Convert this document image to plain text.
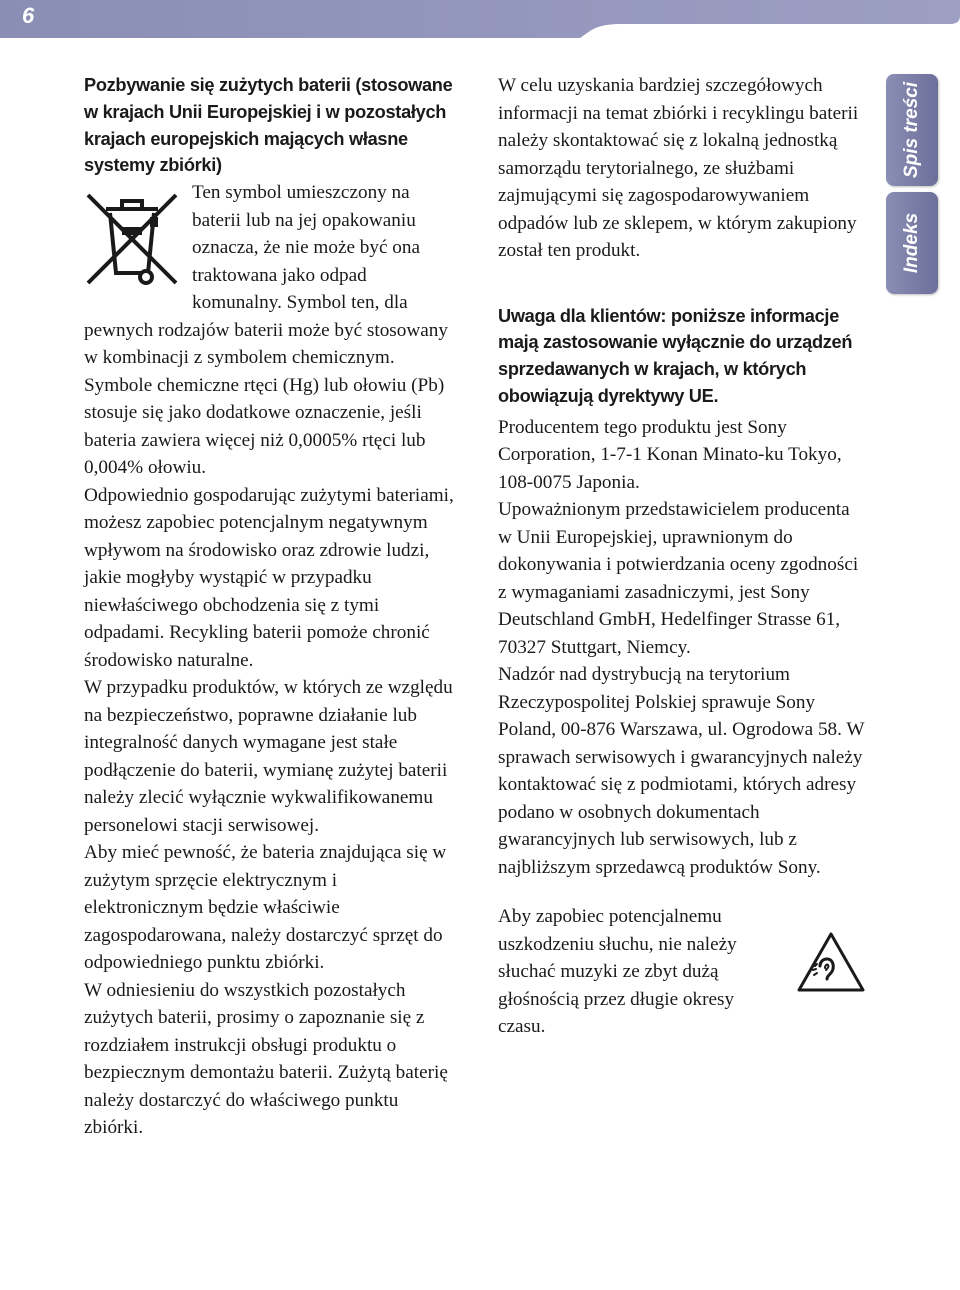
6

Pozbywanie się zużytych baterii (stosowane w krajach Unii Europejskiej i w pozostałych krajach europejskich mających własne systemy zbiórki)

Ten symbol umieszczony na baterii lub na jej opakowaniu oznacza, że nie może być ona traktowana jako odpad komunalny. Symbol ten, dla pewnych rodzajów baterii może być stosowany w kombinacji z symbolem chemicznym. Symbole chemiczne rtęci (Hg) lub ołowiu (Pb) stosuje się jako dodatkowe oznaczenie, jeśli bateria zawiera więcej niż 0,0005% rtęci lub 0,004% ołowiu.

Odpowiednio gospodarując zużytymi bateriami, możesz zapobiec potencjalnym negatywnym wpływom na środowisko oraz zdrowie ludzi, jakie mogłyby wystąpić w przypadku niewłaściwego obchodzenia się z tymi odpadami. Recykling baterii pomoże chronić środowisko naturalne.

W przypadku produktów, w których ze względu na bezpieczeństwo, poprawne działanie lub integralność danych wymagane jest stałe podłączenie do baterii, wymianę zużytej baterii należy zlecić wyłącznie wykwalifikowanemu personelowi stacji serwisowej.

Aby mieć pewność, że bateria znajdująca się w zużytym sprzęcie elektrycznym i elektronicznym będzie właściwie zagospodarowana, należy dostarczyć sprzęt do odpowiedniego punktu zbiórki.

W odniesieniu do wszystkich pozostałych zużytych baterii, prosimy o zapoznanie się z rozdziałem instrukcji obsługi produktu o bezpiecznym demontażu baterii. Zużytą baterię należy dostarczyć do właściwego punktu zbiórki.

W celu uzyskania bardziej szczegółowych informacji na temat zbiórki i recyklingu baterii należy skontaktować się z lokalną jednostką samorządu terytorialnego, ze służbami zajmującymi się zagospodarowywaniem odpadów lub ze sklepem, w którym zakupiony został ten produkt.

Uwaga dla klientów: poniższe informacje mają zastosowanie wyłącznie do urządzeń sprzedawanych w krajach, w których obowiązują dyrektywy UE.

Producentem tego produktu jest Sony Corporation, 1-7-1 Konan Minato-ku Tokyo, 108-0075 Japonia.

Upoważnionym przedstawicielem producenta w Unii Europejskiej, uprawnionym do dokonywania i potwierdzania oceny zgodności z wymaganiami zasadniczymi, jest Sony Deutschland GmbH, Hedelfinger Strasse 61, 70327 Stuttgart, Niemcy.

Nadzór nad dystrybucją na terytorium Rzeczypospolitej Polskiej sprawuje Sony Poland, 00-876 Warszawa, ul. Ogrodowa 58. W sprawach serwisowych i gwarancyjnych należy kontaktować się z podmiotami, których adresy podano w osobnych dokumentach gwarancyjnych lub serwisowych, lub z najbliższym sprzedawcą produktów Sony.

Aby zapobiec potencjalnemu uszkodzeniu słuchu, nie należy słuchać muzyki ze zbyt dużą głośnością przez długie okresy czasu.

Spis treści
Indeks
